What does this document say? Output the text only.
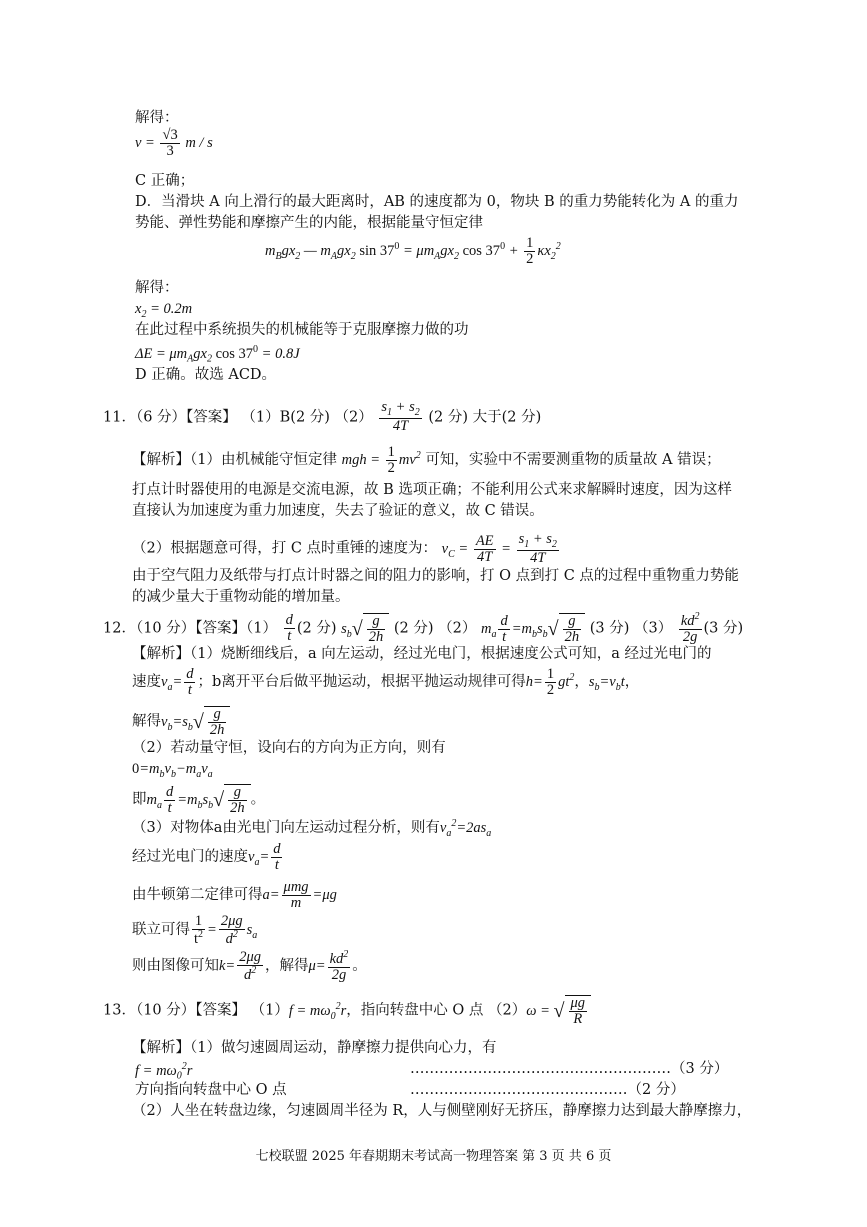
解得：
$v = \frac{√3}{3}$ m / s
C 正确；
D．当滑块 A 向上滑行的最大距离时，AB 的速度都为 0，物块 B 的重力势能转化为 A 的重力
势能、弹性势能和摩擦产生的内能，根据能量守恒定律
$m_Bgx_2$ — $m_Agx_2$ $\sin 37^0 = \mu m_Agx_2$ $\cos 37^0 + \frac{1}{2} \kappa x_2^2$
解得：
$x_2 = 0.2m$
在此过程中系统损失的机械能等于克服摩擦力做的功
$\Delta E = \mu m_Agx_2$ $\cos 37^0 = 0.8J$
D 正确。故选 ACD。
11．（6 分）【答案】 （1）B(2 分) $(2) \frac{s_1 + s_2}{4T} (2$ 分) 大于(2 分)
【解析】（1）由机械能守恒定律 mgh = $\frac{1}{2} mv^2$ 可知，实验中不需要测重物的质量故 A 错误；
打点计时器使用的电源是交流电源，故 B 选项正确；不能利用公式来求解瞬时速度，因为这样
直接认为加速度为重力加速度，失去了验证的意义，故 C 错误。
（2）根据题意可得，打 C 点时重锤的速度为： $v_C = \frac{AE}{4T} = \frac{s_1 + s_2}{4T}$
由于空气阻力及纸带与打点计时器之间的阻力的影响，打 O 点到打 C 点的过程中重物重力势能
的减少量大于重物动能的增加量。
12．（10 分）【答案】$(1) \frac{d}{t} (2$ 分) $s_b√ \frac{g}{2h} (2$ 分) （2） $m_a \frac{d}{t} =m_bs_b√ \frac{g}{2h} (3$ 分) $(3) \frac{kd^2}{2g} (3$ 分)
【解析】（1）烧断细线后，a 向左运动，经过光电门，根据速度公式可知，a 经过光电门的
速度$v_a= \frac{d}{t}$ ；b离开平台后做平抛运动，根据平抛运动规律可得$h= \frac{1}{2} gt^2$，$s_b=v_bt$，
解得$v_b=s_b√ \frac{g}{2h}$
（2）若动量守恒，设向右的方向为正方向，则有
$0=m_bv_b-m_av_a$
即$m_a \frac{d}{t} =m_bs_b√ \frac{g}{2h}$ 。
（3）对物体a由光电门向左运动过程分析，则有$v_a^2=2as_a$
经过光电门的速度$v_a= \frac{d}{t}$
由牛顿第二定律可得$a= \frac{\text{μmg}}{m} =\mu g$
联立可得 $\frac{1}{t^2} = \frac{2\mu g}{d^2} s_a$
则由图像可知$k= \frac{2\mu g}{d^2}$ ，解得$\mu= \frac{kd^2}{2g}$ 。
13．（10 分）【答案】 $(1)f = m\omega_0^2r$，指向转盘中心 O 点 （2）ω = √ $\frac{\mu g}{R}$
【解析】（1）做匀速圆周运动，静摩擦力提供向心力，有
$f = m\omega_0^2r$	………………………………………………（3 分）
方向指向转盘中心 O 点	………………………………………（2 分）
（2）人坐在转盘边缘，匀速圆周半径为 R，人与侧壁刚好无挤压，静摩擦力达到最大静摩擦力，
七校联盟 2025 年春期期末考试高一物理答案 第 3 页 共 6 页
